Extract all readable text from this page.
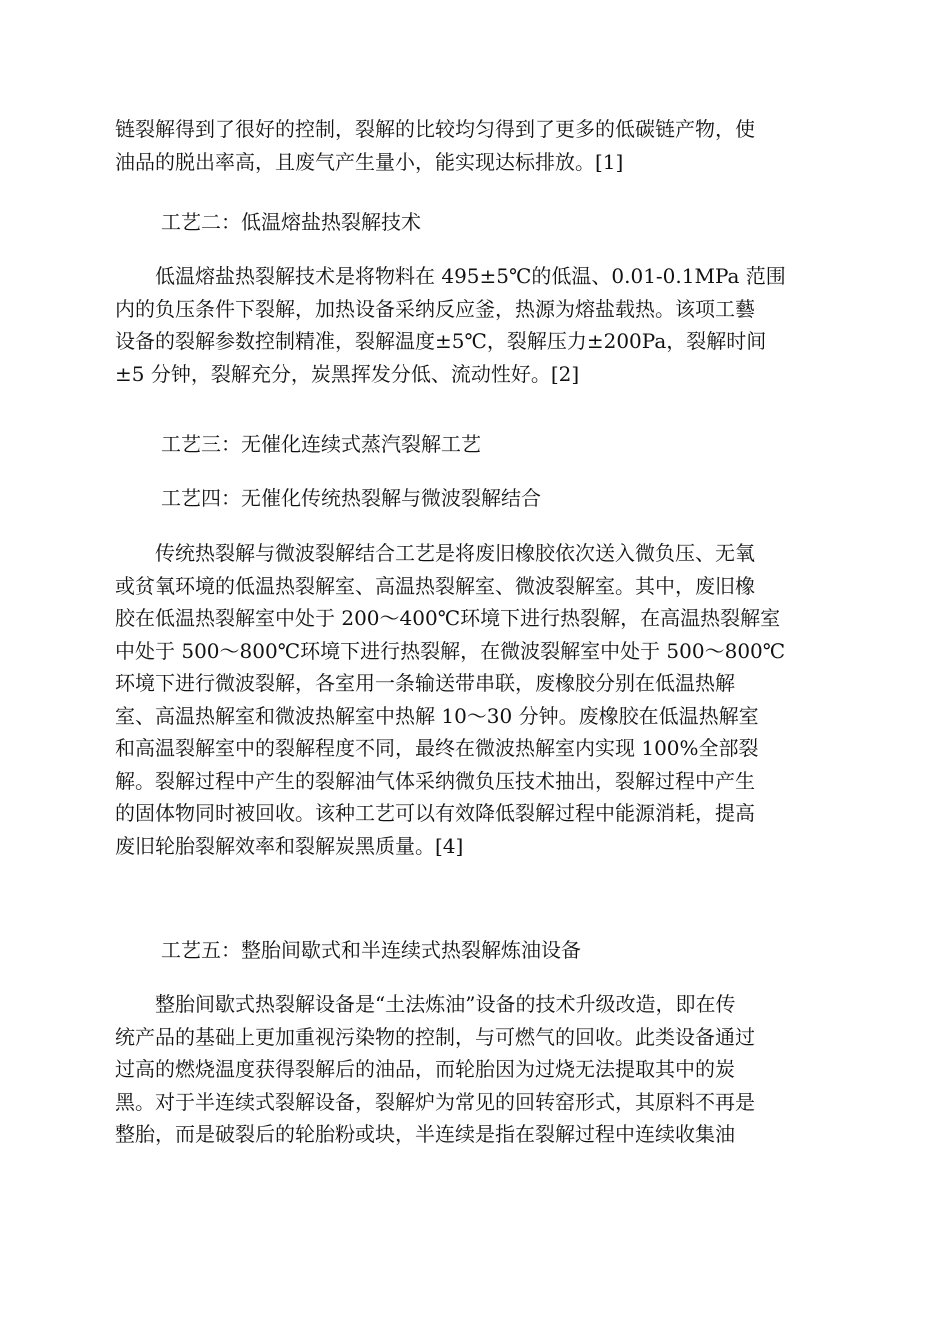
链裂解得到了很好的控制，裂解的比较均匀得到了更多的低碳链产物，使
油品的脱出率高，且废气产生量小，能实现达标排放。[1]
工艺二：低温熔盐热裂解技术
　　低温熔盐热裂解技术是将物料在 495±5℃的低温、0.01-0.1MPa 范围
内的负压条件下裂解，加热设备采纳反应釜，热源为熔盐载热。该项工藝
设备的裂解参数控制精准，裂解温度±5℃，裂解压力±200Pa，裂解时间
±5 分钟，裂解充分，炭黑挥发分低、流动性好。[2]
工艺三：无催化连续式蒸汽裂解工艺
工艺四：无催化传统热裂解与微波裂解结合
　　传统热裂解与微波裂解结合工艺是将废旧橡胶依次送入微负压、无氧
或贫氧环境的低温热裂解室、高温热裂解室、微波裂解室。其中，废旧橡
胶在低温热裂解室中处于 200～400℃环境下进行热裂解，在高温热裂解室
中处于 500～800℃环境下进行热裂解，在微波裂解室中处于 500～800℃
环境下进行微波裂解，各室用一条输送带串联，废橡胶分别在低温热解
室、高温热解室和微波热解室中热解 10～30 分钟。废橡胶在低温热解室
和高温裂解室中的裂解程度不同，最终在微波热解室内实现 100%全部裂
解。裂解过程中产生的裂解油气体采纳微负压技术抽出，裂解过程中产生
的固体物同时被回收。该种工艺可以有效降低裂解过程中能源消耗，提高
废旧轮胎裂解效率和裂解炭黑质量。[4]
工艺五：整胎间歇式和半连续式热裂解炼油设备
　　整胎间歇式热裂解设备是“土法炼油”设备的技术升级改造，即在传
统产品的基础上更加重视污染物的控制，与可燃气的回收。此类设备通过
过高的燃烧温度获得裂解后的油品，而轮胎因为过烧无法提取其中的炭
黑。对于半连续式裂解设备，裂解炉为常见的回转窑形式，其原料不再是
整胎，而是破裂后的轮胎粉或块，半连续是指在裂解过程中连续收集油
